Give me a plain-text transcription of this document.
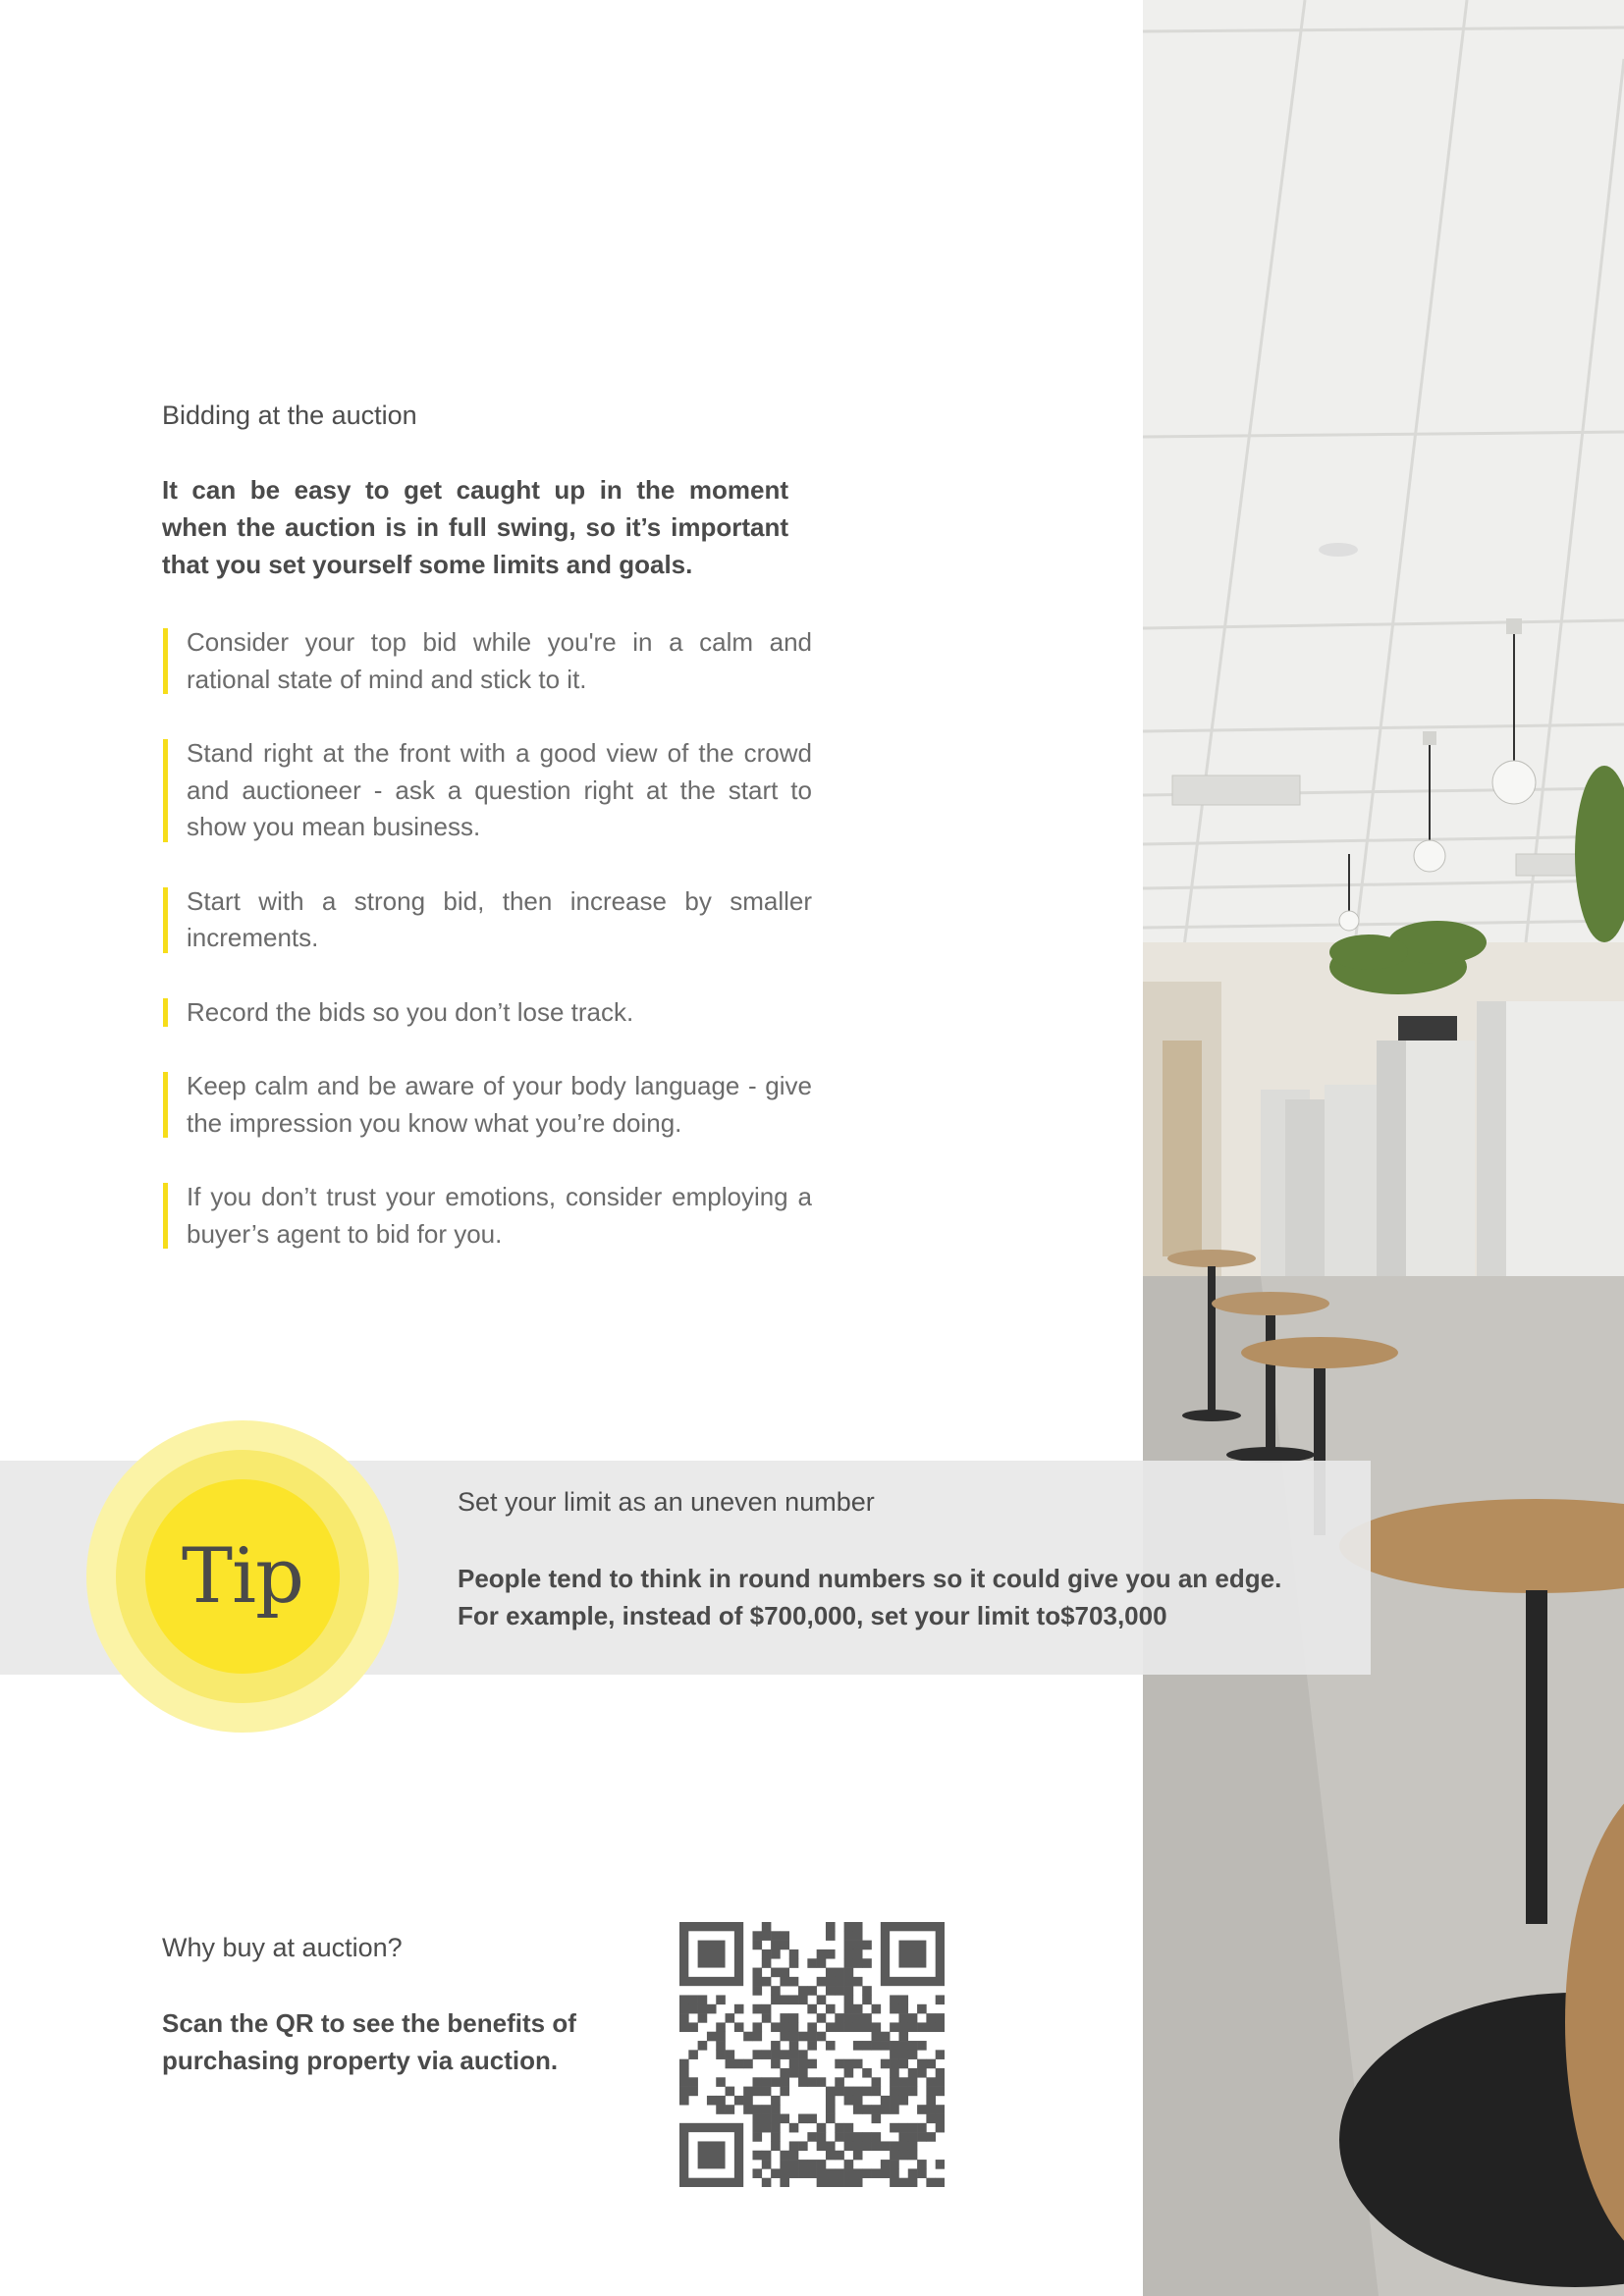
Bidding at the auction

It can be easy to get caught up in the moment when the auction is in full swing, so it’s important that you set yourself some limits and goals.

Consider your top bid while you're in a calm and rational state of mind and stick to it.
Stand right at the front with a good view of the crowd and auctioneer - ask a question right at the start to show you mean business.
Start with a strong bid, then increase by smaller increments.
Record the bids so you don’t lose track.
Keep calm and be aware of your body language - give the impression you know what you’re doing.
If you don’t trust your emotions, consider employing a buyer’s agent to bid for you.
Tip
Set your limit as an uneven number

People tend to think in round numbers so it could give you an edge. For example, instead of $700,000, set your limit to$703,000

Why buy at auction?

Scan the QR to see the benefits of purchasing property via auction.
